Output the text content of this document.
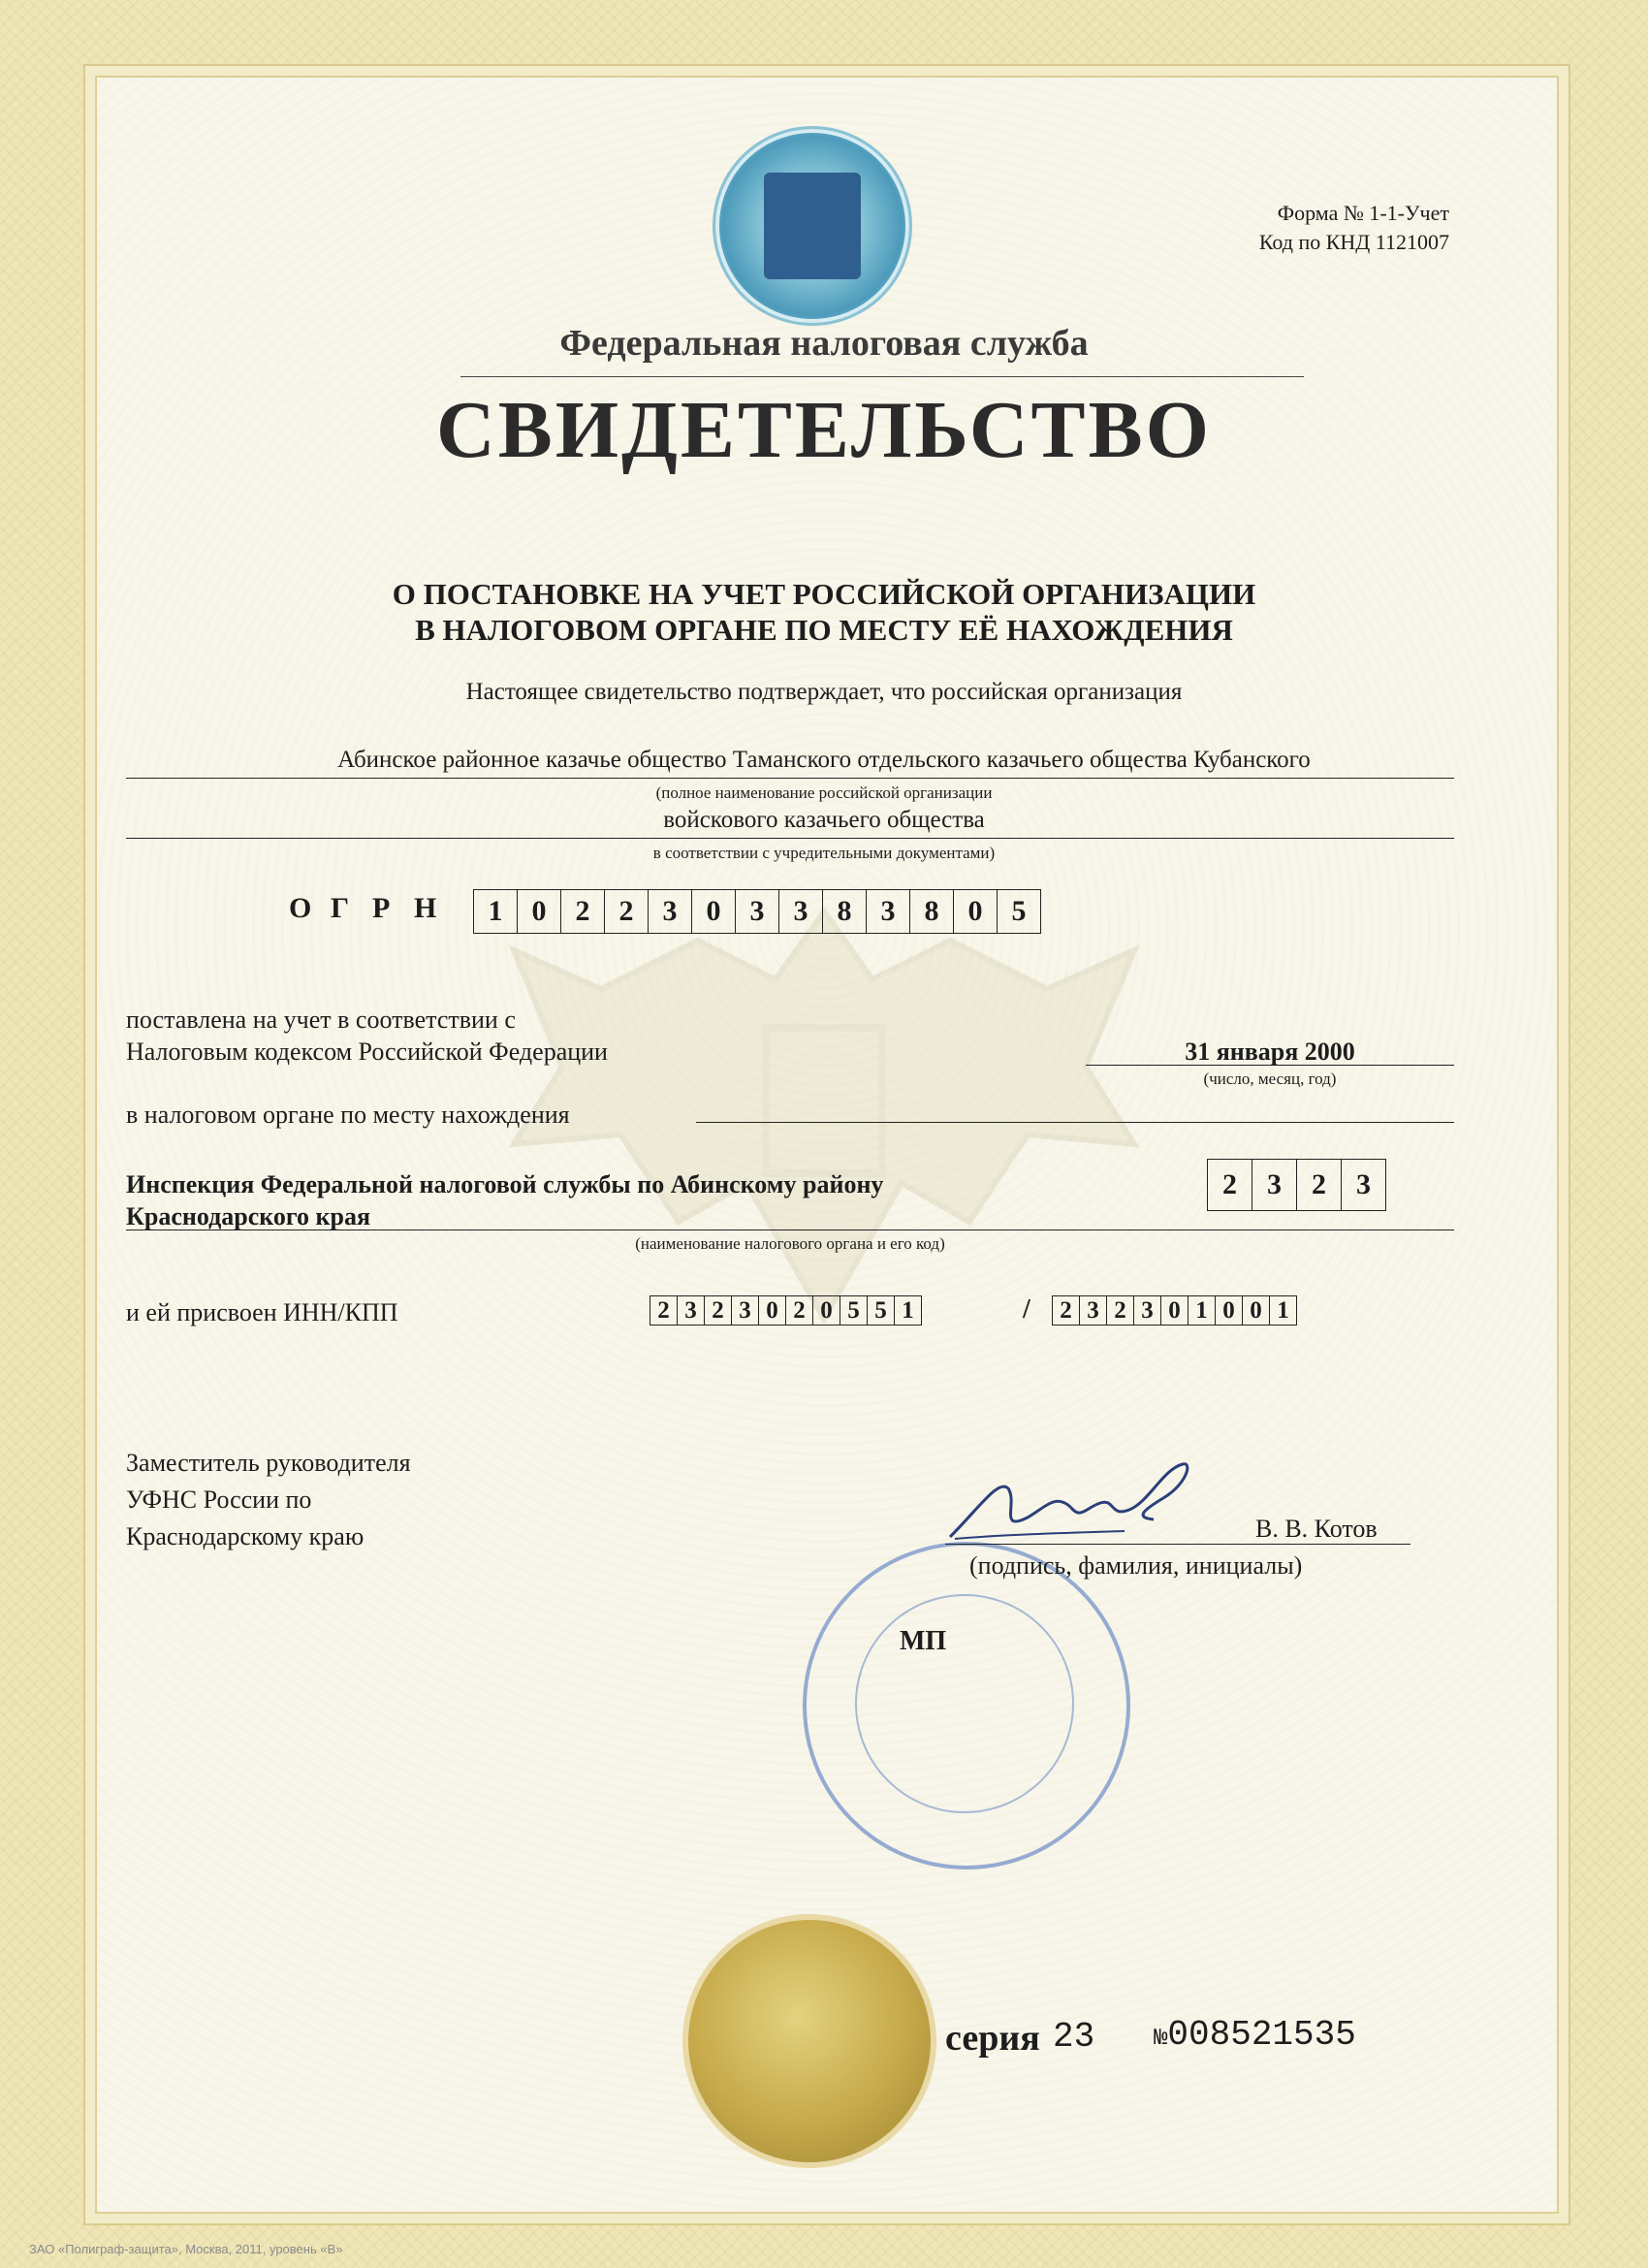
Форма № 1-1-Учет
Код по КНД 1121007
Федеральная налоговая служба
СВИДЕТЕЛЬСТВО
О ПОСТАНОВКЕ НА УЧЕТ РОССИЙСКОЙ ОРГАНИЗАЦИИ
В НАЛОГОВОМ ОРГАНЕ ПО МЕСТУ ЕЁ НАХОЖДЕНИЯ
Настоящее свидетельство подтверждает, что российская организация
Абинское районное казачье общество Таманского отдельского казачьего общества Кубанского
(полное наименование российской организации
войскового казачьего общества
в соответствии с учредительными документами)
О Г Р Н	1	0	2	2	3	0	3	3	8	3	8	0	5
поставлена на учет в соответствии с
Налоговым кодексом Российской Федерации	31 января 2000
(число, месяц, год)
в налоговом органе по месту нахождения
Инспекция Федеральной налоговой службы по Абинскому району
Краснодарского края
2	3	2	3
(наименование налогового органа и его код)
и ей присвоен ИНН/КПП	2 3 2 3 0 2 0 5 5 1	/	2 3 2 3 0 1 0 0 1
Заместитель руководителя
УФНС России по
Краснодарскому краю	В. В. Котов
(подпись, фамилия, инициалы)
МП
серия 23	№008521535
ЗАО «Полиграф-защита», Москва, 2011, уровень «В»
